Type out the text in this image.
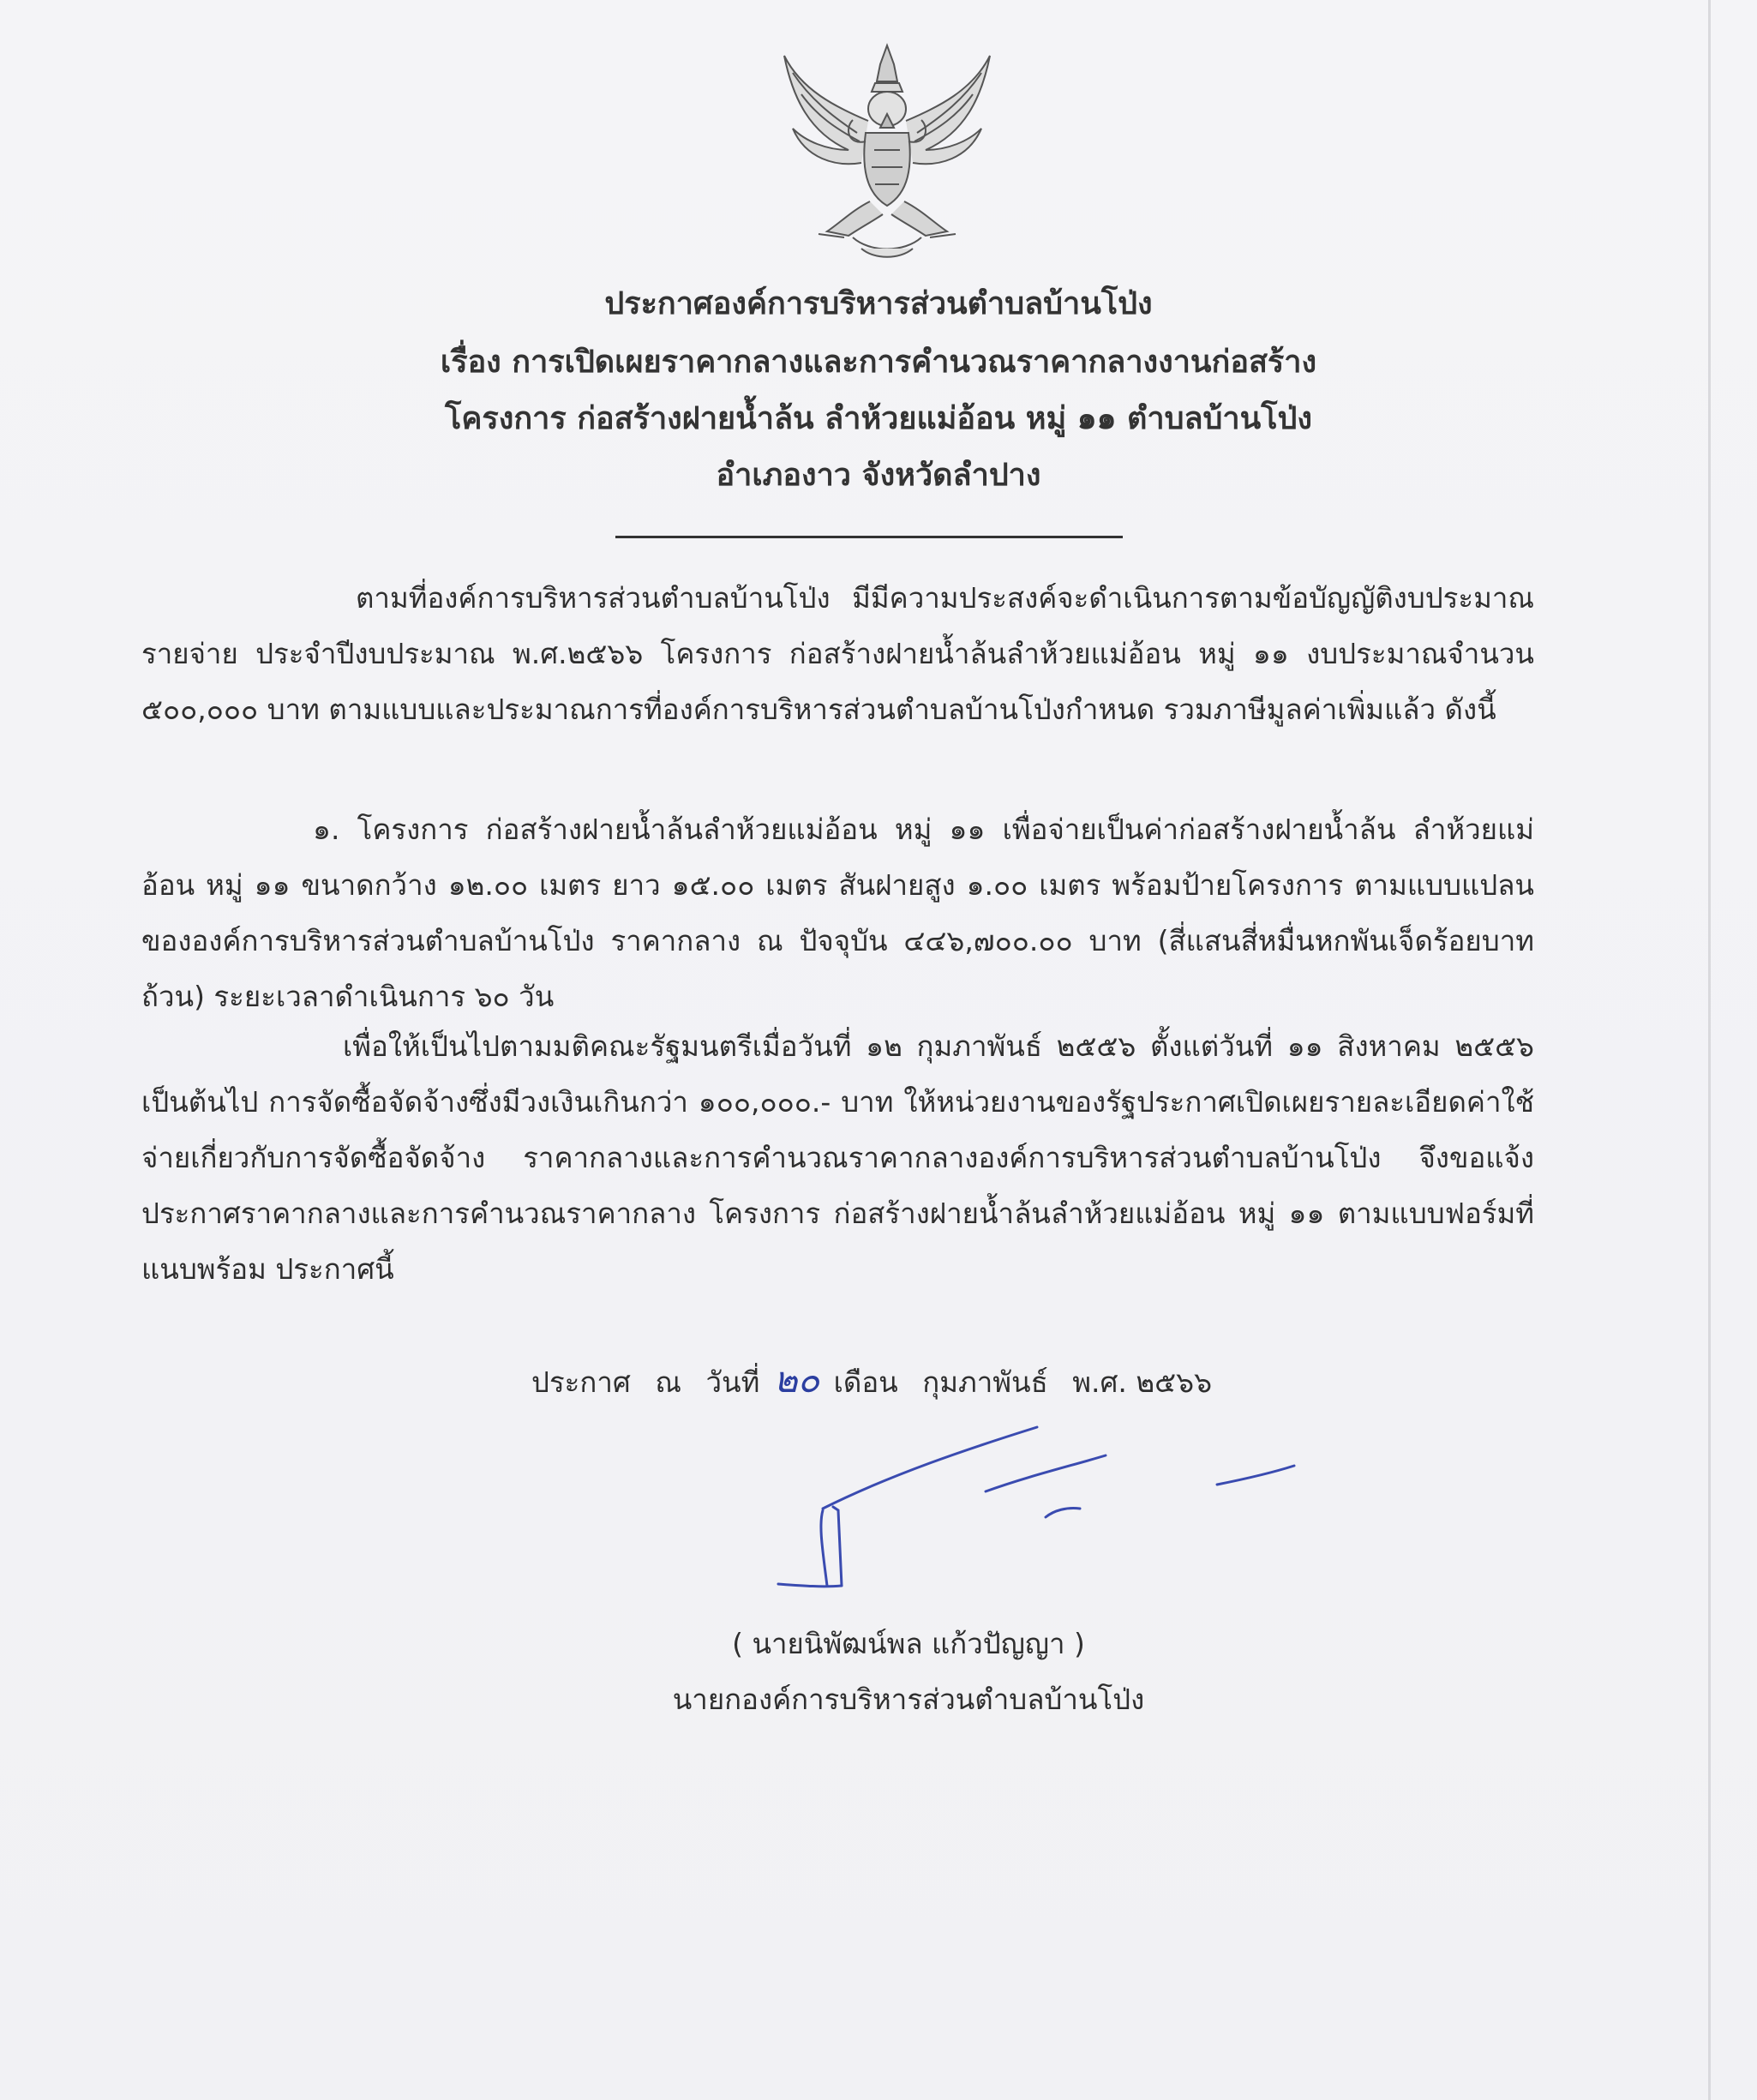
ประกาศองค์การบริหารส่วนตำบลบ้านโป่ง
เรื่อง การเปิดเผยราคากลางและการคำนวณราคากลางงานก่อสร้าง
โครงการ ก่อสร้างฝายน้ำล้น ลำห้วยแม่อ้อน หมู่ ๑๑ ตำบลบ้านโป่ง
อำเภองาว จังหวัดลำปาง
ตามที่องค์การบริหารส่วนตำบลบ้านโป่ง มีมีความประสงค์จะดำเนินการตามข้อบัญญัติงบประมาณรายจ่าย ประจำปีงบประมาณ พ.ศ.๒๕๖๖ โครงการ ก่อสร้างฝายน้ำล้นลำห้วยแม่อ้อน หมู่ ๑๑ งบประมาณจำนวน ๕๐๐,๐๐๐ บาท ตามแบบและประมาณการที่องค์การบริหารส่วนตำบลบ้านโป่งกำหนด รวมภาษีมูลค่าเพิ่มแล้ว ดังนี้
๑. โครงการ ก่อสร้างฝายน้ำล้นลำห้วยแม่อ้อน หมู่ ๑๑ เพื่อจ่ายเป็นค่าก่อสร้างฝายน้ำล้น ลำห้วยแม่อ้อน หมู่ ๑๑ ขนาดกว้าง ๑๒.๐๐ เมตร ยาว ๑๕.๐๐ เมตร สันฝายสูง ๑.๐๐ เมตร พร้อมป้ายโครงการ ตามแบบแปลนขององค์การบริหารส่วนตำบลบ้านโป่ง ราคากลาง ณ ปัจจุบัน ๔๔๖,๗๐๐.๐๐ บาท (สี่แสนสี่หมื่นหกพันเจ็ดร้อยบาทถ้วน) ระยะเวลาดำเนินการ ๖๐ วัน
เพื่อให้เป็นไปตามมติคณะรัฐมนตรีเมื่อวันที่ ๑๒ กุมภาพันธ์ ๒๕๕๖ ตั้งแต่วันที่ ๑๑ สิงหาคม ๒๕๕๖ เป็นต้นไป การจัดซื้อจัดจ้างซึ่งมีวงเงินเกินกว่า ๑๐๐,๐๐๐.- บาท ให้หน่วยงานของรัฐประกาศเปิดเผยรายละเอียดค่าใช้จ่ายเกี่ยวกับการจัดซื้อจัดจ้าง ราคากลางและการคำนวณราคากลางองค์การบริหารส่วนตำบลบ้านโป่ง จึงขอแจ้งประกาศราคากลางและการคำนวณราคากลาง โครงการ ก่อสร้างฝายน้ำล้นลำห้วยแม่อ้อน หมู่ ๑๑ ตามแบบฟอร์มที่แนบพร้อม ประกาศนี้
ประกาศ ณ วันที่ ๒๐ เดือน กุมภาพันธ์ พ.ศ. ๒๕๖๖
( นายนิพัฒน์พล แก้วปัญญา )
นายกองค์การบริหารส่วนตำบลบ้านโป่ง
